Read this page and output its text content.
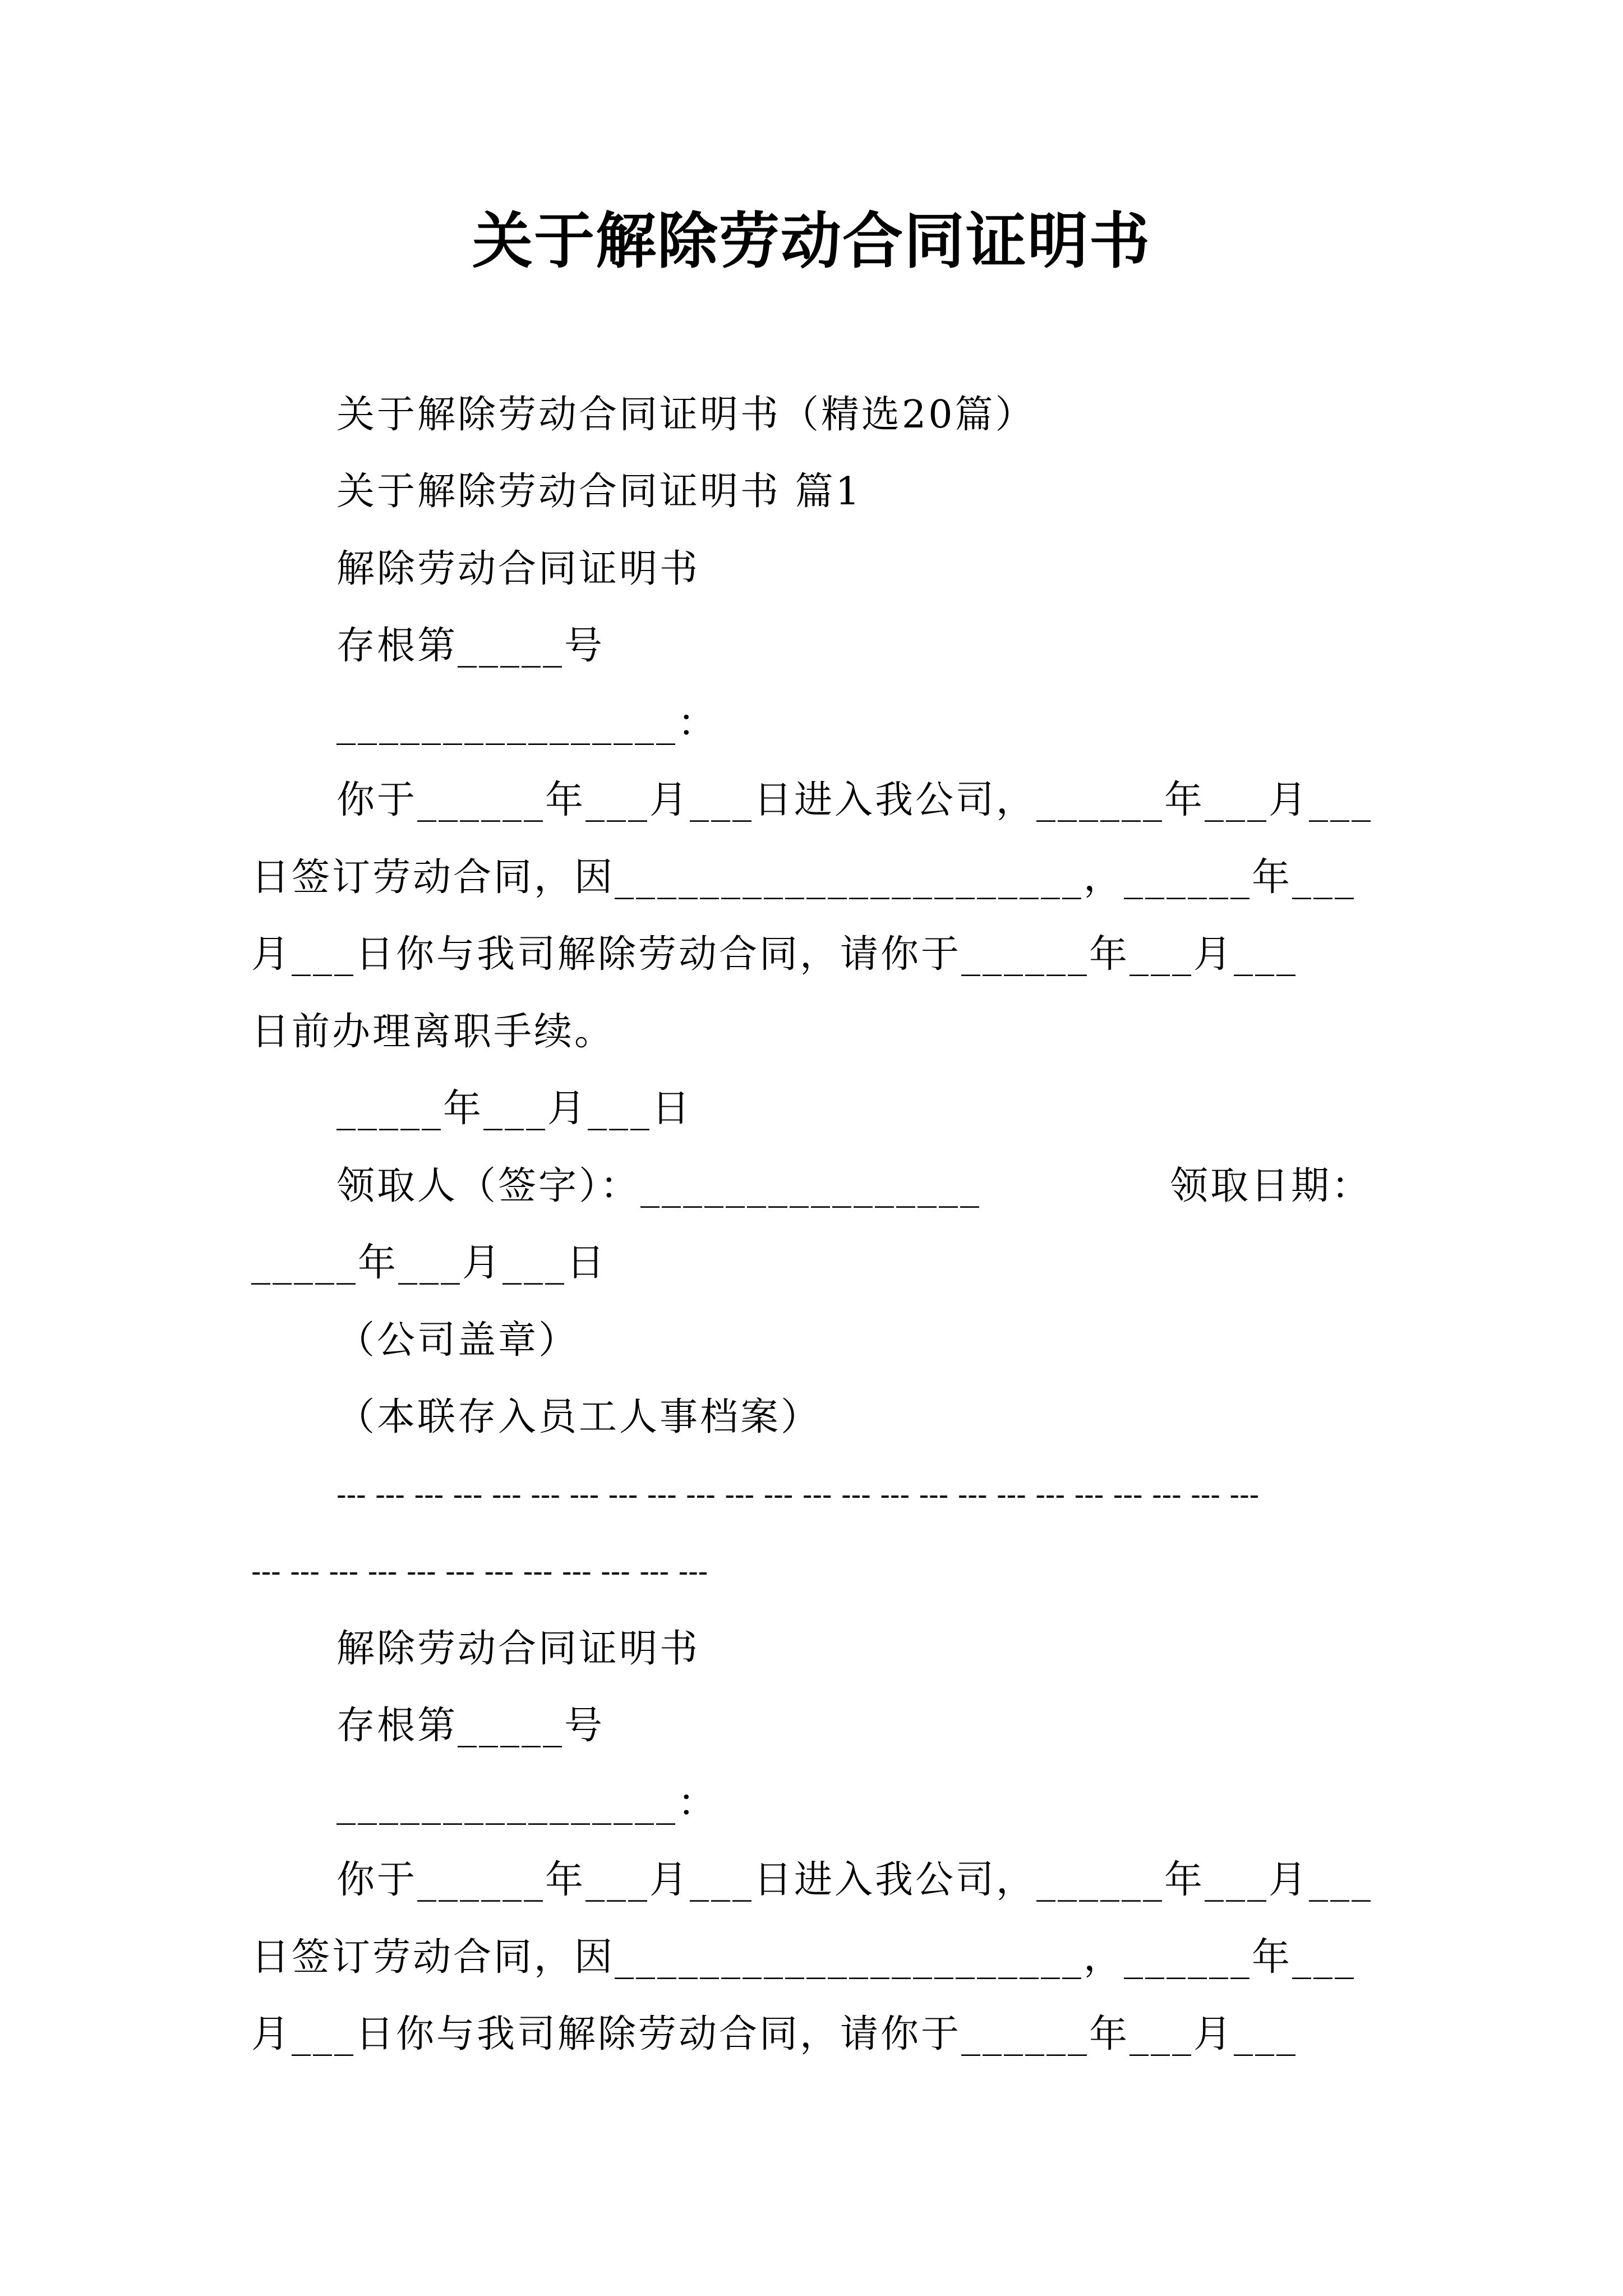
关于解除劳动合同证明书
关于解除劳动合同证明书（精选20篇）
关于解除劳动合同证明书 篇1
解除劳动合同证明书
存根第_____号
________________：
你于______年___月___日进入我公司，______年___月___
日签订劳动合同，因______________________，______年___
月___日你与我司解除劳动合同，请你于______年___月___
日前办理离职手续。
_____年___月___日
领取人（签字）：________________	领取日期：
_____年___月___日
（公司盖章）
（本联存入员工人事档案）
--- --- --- --- --- --- --- --- --- --- --- --- --- --- --- --- --- --- --- --- --- --- --- ---
--- --- --- --- --- --- --- --- --- --- --- ---
解除劳动合同证明书
存根第_____号
________________：
你于______年___月___日进入我公司，______年___月___
日签订劳动合同，因______________________，______年___
月___日你与我司解除劳动合同，请你于______年___月___
